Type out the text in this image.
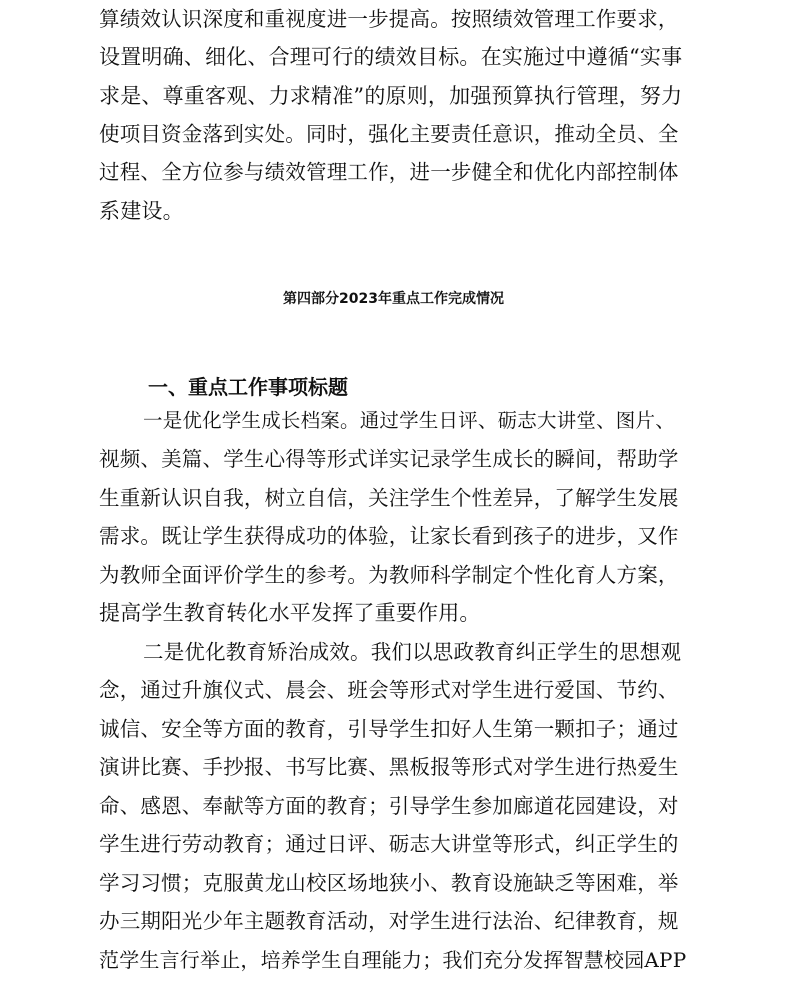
算绩效认识深度和重视度进一步提高。按照绩效管理工作要求，
设置明确、细化、合理可行的绩效目标。在实施过中遵循“实事
求是、尊重客观、力求精准”的原则，加强预算执行管理，努力
使项目资金落到实处。同时，强化主要责任意识，推动全员、全
过程、全方位参与绩效管理工作，进一步健全和优化内部控制体
系建设。
第四部分2023年重点工作完成情况
一、重点工作事项标题
一是优化学生成长档案。通过学生日评、砺志大讲堂、图片、
视频、美篇、学生心得等形式详实记录学生成长的瞬间，帮助学
生重新认识自我，树立自信，关注学生个性差异，了解学生发展
需求。既让学生获得成功的体验，让家长看到孩子的进步，又作
为教师全面评价学生的参考。为教师科学制定个性化育人方案，
提高学生教育转化水平发挥了重要作用。
二是优化教育矫治成效。我们以思政教育纠正学生的思想观
念，通过升旗仪式、晨会、班会等形式对学生进行爱国、节约、
诚信、安全等方面的教育，引导学生扣好人生第一颗扣子；通过
演讲比赛、手抄报、书写比赛、黑板报等形式对学生进行热爱生
命、感恩、奉献等方面的教育；引导学生参加廊道花园建设，对
学生进行劳动教育；通过日评、砺志大讲堂等形式，纠正学生的
学习习惯；克服黄龙山校区场地狭小、教育设施缺乏等困难，举
办三期阳光少年主题教育活动，对学生进行法治、纪律教育，规
范学生言行举止，培养学生自理能力；我们充分发挥智慧校园APP
